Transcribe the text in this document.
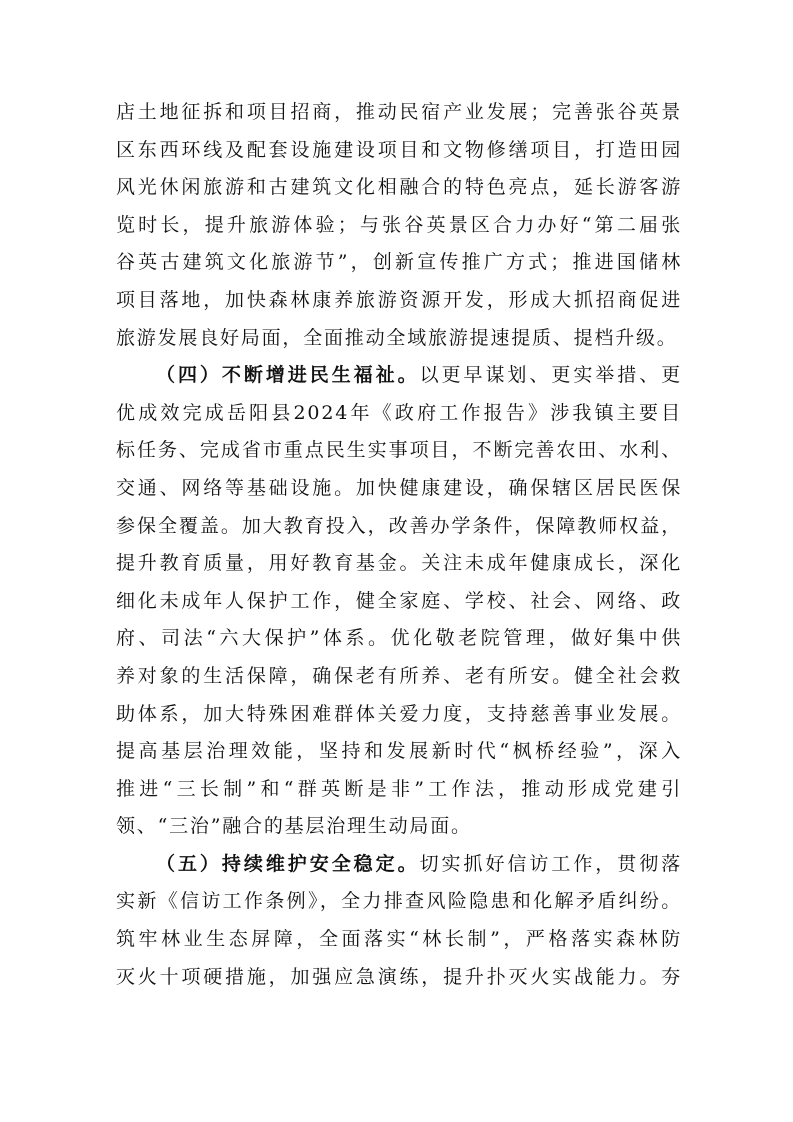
店土地征拆和项目招商，推动民宿产业发展；完善张谷英景
区东西环线及配套设施建设项目和文物修缮项目，打造田园
风光休闲旅游和古建筑文化相融合的特色亮点，延长游客游
览时长，提升旅游体验；与张谷英景区合力办好“第二届张
谷英古建筑文化旅游节”，创新宣传推广方式；推进国储林
项目落地，加快森林康养旅游资源开发，形成大抓招商促进
旅游发展良好局面，全面推动全域旅游提速提质、提档升级。
（四）不断增进民生福祉。以更早谋划、更实举措、更
优成效完成岳阳县2024年《政府工作报告》涉我镇主要目
标任务、完成省市重点民生实事项目，不断完善农田、水利、
交通、网络等基础设施。加快健康建设，确保辖区居民医保
参保全覆盖。加大教育投入，改善办学条件，保障教师权益，
提升教育质量，用好教育基金。关注未成年健康成长，深化
细化未成年人保护工作，健全家庭、学校、社会、网络、政
府、司法“六大保护”体系。优化敬老院管理，做好集中供
养对象的生活保障，确保老有所养、老有所安。健全社会救
助体系，加大特殊困难群体关爱力度，支持慈善事业发展。
提高基层治理效能，坚持和发展新时代“枫桥经验”，深入
推进“三长制”和“群英断是非”工作法，推动形成党建引
领、“三治”融合的基层治理生动局面。
（五）持续维护安全稳定。切实抓好信访工作，贯彻落
实新《信访工作条例》，全力排查风险隐患和化解矛盾纠纷。
筑牢林业生态屏障，全面落实“林长制”，严格落实森林防
灭火十项硬措施，加强应急演练，提升扑灭火实战能力。夯
